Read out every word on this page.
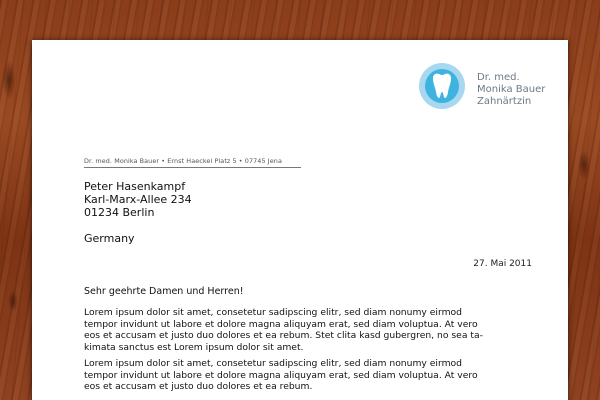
Dr. med.
Monika Bauer
Zahnärtzin
Dr. med. Monika Bauer • Ernst Haeckel Platz 5 • 07745 Jena
Peter Hasenkampf
Karl-Marx-Allee 234
01234 Berlin
Germany
27. Mai 2011
Sehr geehrte Damen und Herren!
Lorem ipsum dolor sit amet, consetetur sadipscing elitr, sed diam nonumy eirmod
tempor invidunt ut labore et dolore magna aliquyam erat, sed diam voluptua. At vero
eos et accusam et justo duo dolores et ea rebum. Stet clita kasd gubergren, no sea ta-
kimata sanctus est Lorem ipsum dolor sit amet.
Lorem ipsum dolor sit amet, consetetur sadipscing elitr, sed diam nonumy eirmod
tempor invidunt ut labore et dolore magna aliquyam erat, sed diam voluptua. At vero
eos et accusam et justo duo dolores et ea rebum.
